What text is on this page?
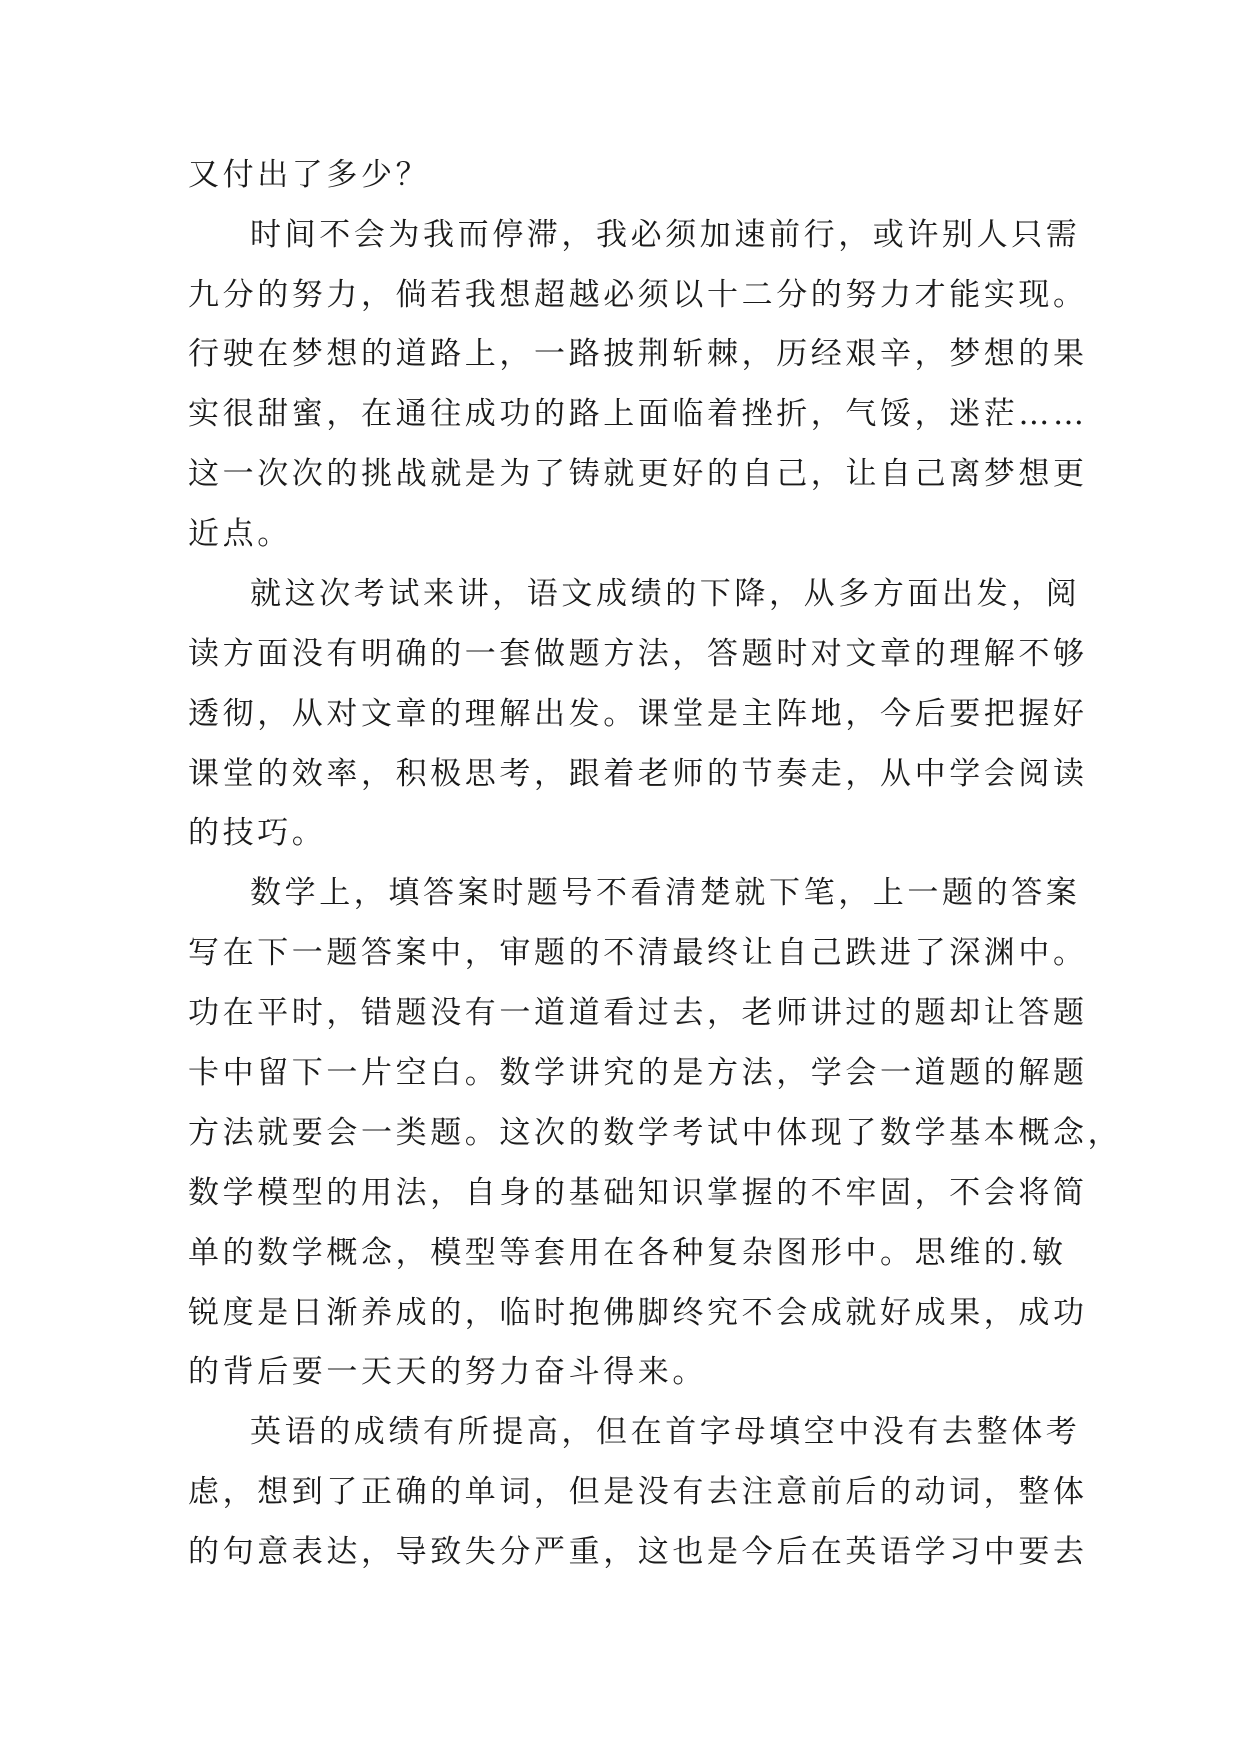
又付出了多少？
时间不会为我而停滞，我必须加速前行，或许别人只需
九分的努力，倘若我想超越必须以十二分的努力才能实现。
行驶在梦想的道路上，一路披荆斩棘，历经艰辛，梦想的果
实很甜蜜，在通往成功的路上面临着挫折，气馁，迷茫……
这一次次的挑战就是为了铸就更好的自己，让自己离梦想更
近点。
就这次考试来讲，语文成绩的下降，从多方面出发，阅
读方面没有明确的一套做题方法，答题时对文章的理解不够
透彻，从对文章的理解出发。课堂是主阵地，今后要把握好
课堂的效率，积极思考，跟着老师的节奏走，从中学会阅读
的技巧。
数学上，填答案时题号不看清楚就下笔，上一题的答案
写在下一题答案中，审题的不清最终让自己跌进了深渊中。
功在平时，错题没有一道道看过去，老师讲过的题却让答题
卡中留下一片空白。数学讲究的是方法，学会一道题的解题
方法就要会一类题。这次的数学考试中体现了数学基本概念，
数学模型的用法，自身的基础知识掌握的不牢固，不会将简
单的数学概念，模型等套用在各种复杂图形中。思维的.敏
锐度是日渐养成的，临时抱佛脚终究不会成就好成果，成功
的背后要一天天的努力奋斗得来。
英语的成绩有所提高，但在首字母填空中没有去整体考
虑，想到了正确的单词，但是没有去注意前后的动词，整体
的句意表达，导致失分严重，这也是今后在英语学习中要去
